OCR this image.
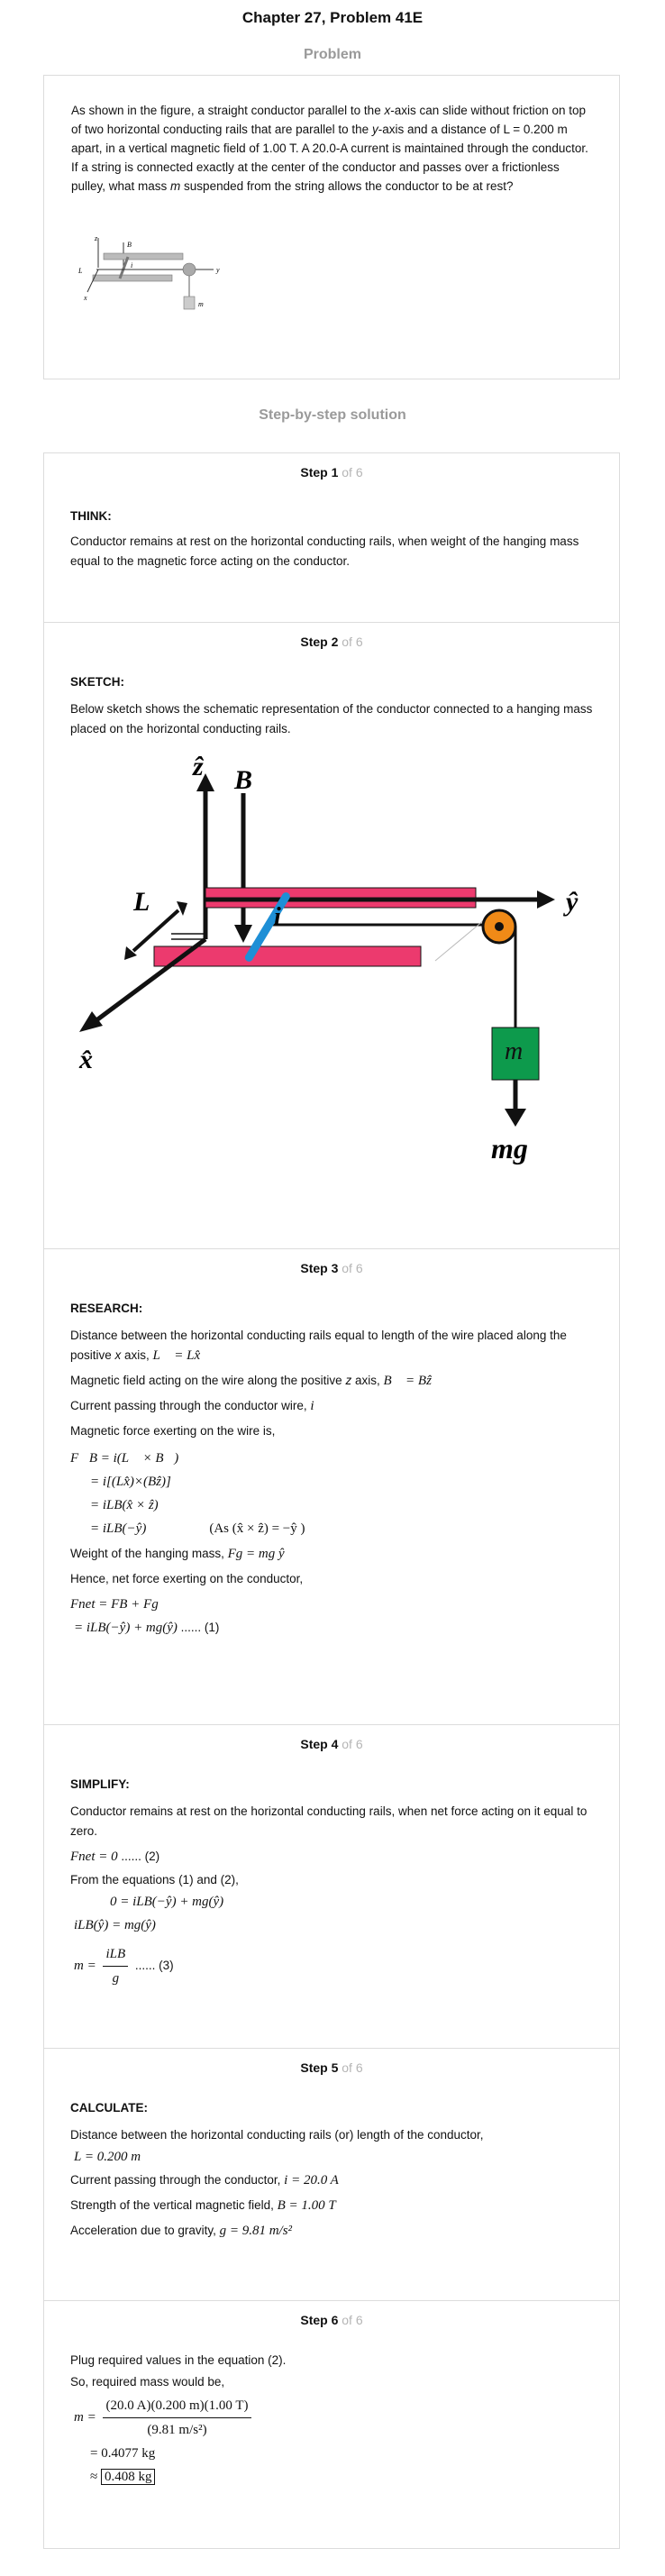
Chapter 27, Problem 41E
Problem

As shown in the figure, a straight conductor parallel to the x-axis can slide without friction on top of two horizontal conducting rails that are parallel to the y-axis and a distance of L = 0.200 m apart, in a vertical magnetic field of 1.00 T. A 20.0-A current is maintained through the conductor. If a string is connected exactly at the center of the conductor and passes over a frictionless pulley, what mass m suspended from the string allows the conductor to be at rest?

z
B
i
y
x
L
m
Step-by-step solution
Step 1 of 6

THINK:

Conductor remains at rest on the horizontal conducting rails, when weight of the hanging mass equal to the magnetic force acting on the conductor.

Step 2 of 6

SKETCH:

Below sketch shows the schematic representation of the conductor connected to a hanging mass placed on the horizontal conducting rails.

ẑ B
ŷ
i
x̂
L
m
mg
Step 3 of 6

RESEARCH:

Distance between the horizontal conducting rails equal to length of the wire placed along the positive x axis, L⃗ = Lx̂

Magnetic field acting on the wire along the positive z axis, B⃗ = Bẑ

Current passing through the conductor wire, i

Magnetic force exerting on the wire is,

F⃗B = i(L⃗ × B⃗)
= i[(Lx̂)×(Bẑ)]
= iLB(x̂ × ẑ)
= iLB(−ŷ)	(As (x̂ × ẑ) = −ŷ )

Weight of the hanging mass, Fg = mg ŷ

Hence, net force exerting on the conductor,

Fnet = FB + Fg
= iLB(−ŷ) + mg(ŷ) ...... (1)
Step 4 of 6

SIMPLIFY:

Conductor remains at rest on the horizontal conducting rails, when net force acting on it equal to zero.

Fnet = 0 ...... (2)

From the equations (1) and (2),

0 = iLB(−ŷ) + mg(ŷ)
iLB(ŷ) = mg(ŷ)
$m = \frac{\text{iLB}}{g}$ ...... (3)
Step 5 of 6

CALCULATE:

Distance between the horizontal conducting rails (or) length of the conductor,

L = 0.200 m

Current passing through the conductor, i = 20.0 A

Strength of the vertical magnetic field, B = 1.00 T

Acceleration due to gravity, g = 9.81 m/s²

Step 6 of 6

Plug required values in the equation (2).

So, required mass would be,

$m = \frac{(20.0 A)(0.200 m)(1.00 T)}{\text{(9.81 m/s²)}}$
= 0.4077 kg
≈ 0.408 kg
